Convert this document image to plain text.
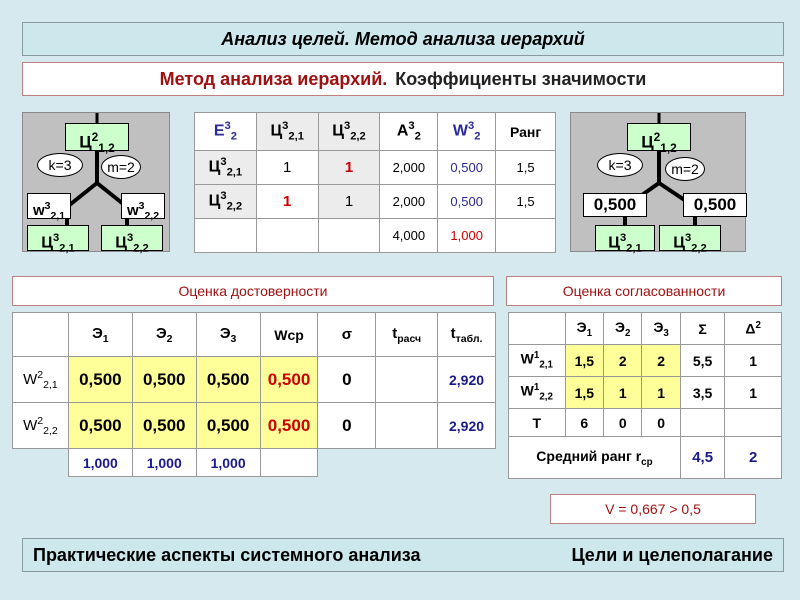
Анализ целей. Метод анализа иерархий
Метод анализа иерархий. Коэффициенты значимости
$Ц^2_{1,2}$
k=3	m=2
$w^3_{2,1}$	$w^3_{2,2}$
$Ц^3_{2,1}$	$Ц^3_{2,2}$
$Ц^2_{1,2}$
k=3	m=2
0,500	0,500
$Ц^3_{2,1}$	$Ц^3_{2,2}$
$E^3_2$	$Ц^3_{2,1}$	$Ц^3_{2,2}$	$A^3_2$	$W^3_2$	Ранг
$Ц^3_{2,1}$	1	1	2,000	0,500	1,5
$Ц^3_{2,2}$	1	1	2,000	0,500	1,5
			4,000	1,000	
Оценка достоверности	Оценка согласованности
	$Э_1$	$Э_2$	$Э_3$	Wcp	σ	$t_{расч}$	$t_{табл.}$
$W^2_{2,1}$	0,500	0,500	0,500	0,500	0		2,920
$W^2_{2,2}$	0,500	0,500	0,500	0,500	0		2,920
	1,000	1,000	1,000				
	$Э_1$	$Э_2$	$Э_3$	Σ	$\Delta^2$
$W^1_{2,1}$	1,5	2	2	5,5	1
$W^1_{2,2}$	1,5	1	1	3,5	1
T	6	0	0		
Средний ранг $r_{ср}$				4,5	2
V = 0,667 > 0,5
Практические аспекты системного анализа	Цели и целеполагание
